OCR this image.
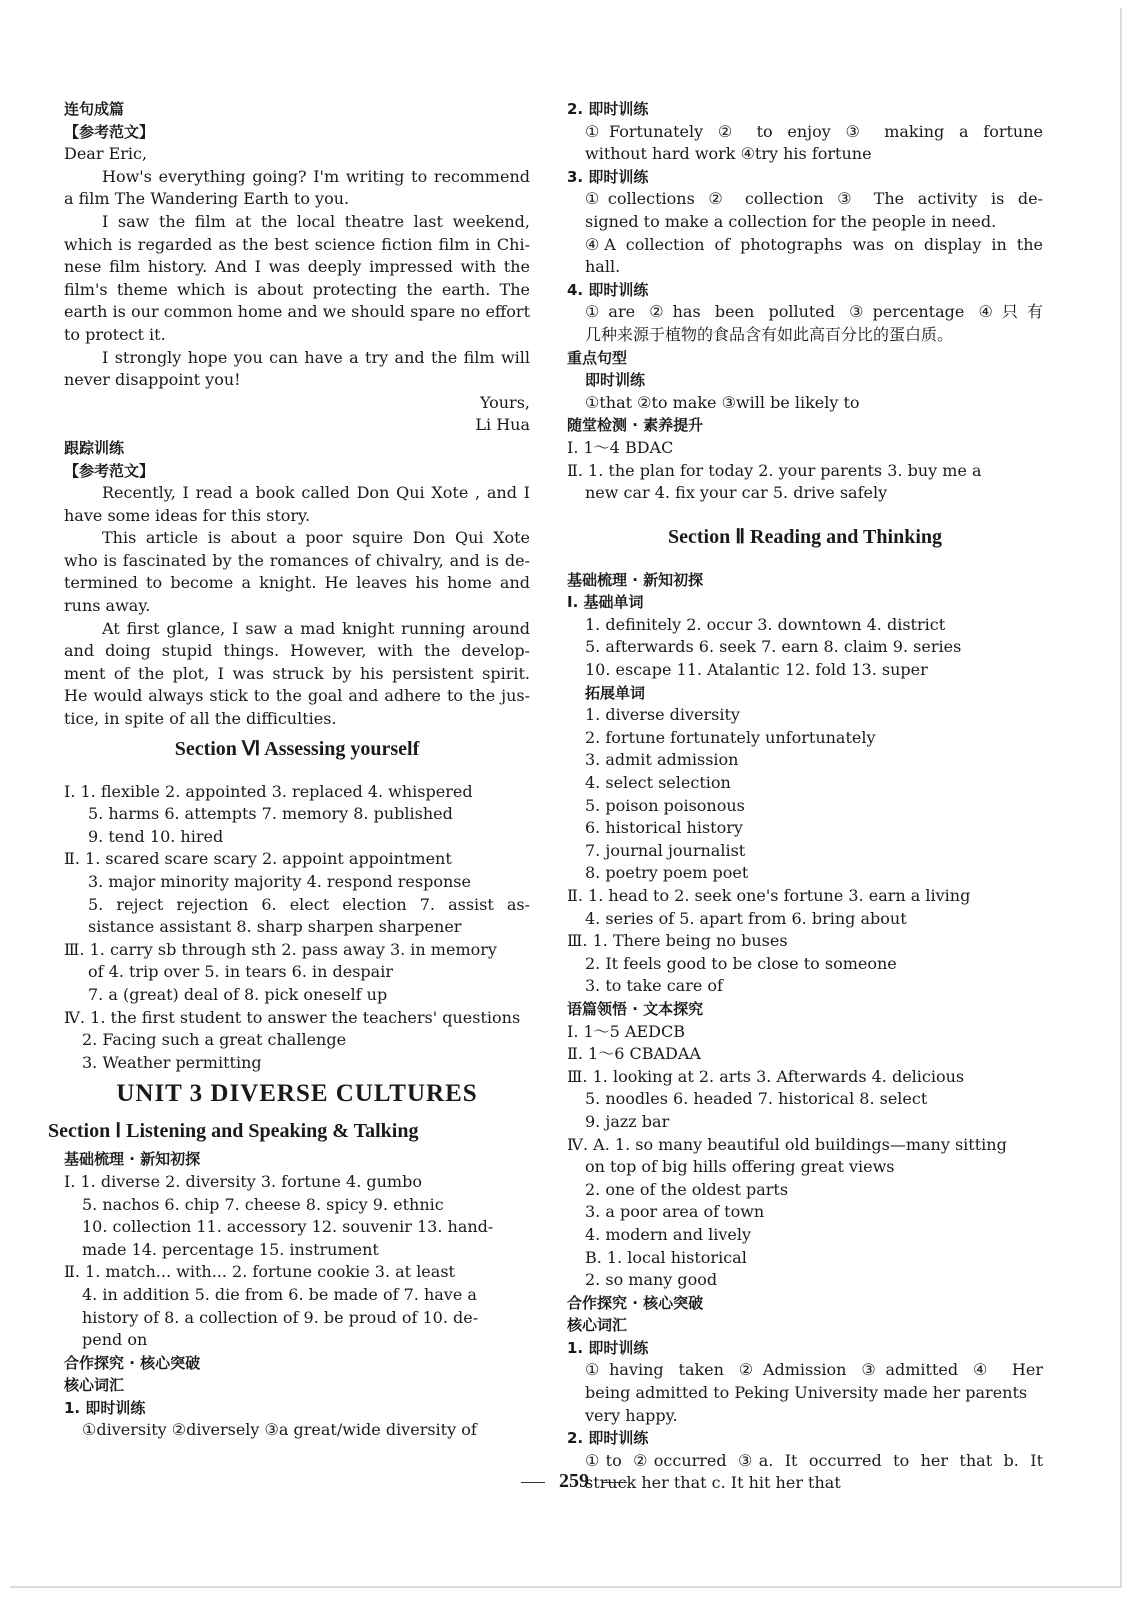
连句成篇
【参考范文】
Dear Eric,
How's everything going? I'm writing to recommend
a film The Wandering Earth to you.
I saw the film at the local theatre last weekend,
which is regarded as the best science fiction film in Chi-
nese film history. And I was deeply impressed with the
film's theme which is about protecting the earth. The
earth is our common home and we should spare no effort
to protect it.
I strongly hope you can have a try and the film will
never disappoint you!
Yours,
Li Hua
跟踪训练
【参考范文】
Recently, I read a book called Don Qui Xote , and I
have some ideas for this story.
This article is about a poor squire Don Qui Xote
who is fascinated by the romances of chivalry, and is de-
termined to become a knight. He leaves his home and
runs away.
At first glance, I saw a mad knight running around
and doing stupid things. However, with the develop-
ment of the plot, I was struck by his persistent spirit.
He would always stick to the goal and adhere to the jus-
tice, in spite of all the difficulties.
Section Ⅵ Assessing yourself
Ⅰ. 1. flexible 2. appointed 3. replaced 4. whispered
5. harms 6. attempts 7. memory 8. published
9. tend 10. hired
Ⅱ. 1. scared scare scary 2. appoint appointment
3. major minority majority 4. respond response
5. reject rejection 6. elect election 7. assist as-
sistance assistant 8. sharp sharpen sharpener
Ⅲ. 1. carry sb through sth 2. pass away 3. in memory
of 4. trip over 5. in tears 6. in despair
7. a (great) deal of 8. pick oneself up
Ⅳ. 1. the first student to answer the teachers' questions
2. Facing such a great challenge
3. Weather permitting
UNIT 3 DIVERSE CULTURES
Section Ⅰ Listening and Speaking & Talking
基础梳理 · 新知初探
Ⅰ. 1. diverse 2. diversity 3. fortune 4. gumbo
5. nachos 6. chip 7. cheese 8. spicy 9. ethnic
10. collection 11. accessory 12. souvenir 13. hand-
made 14. percentage 15. instrument
Ⅱ. 1. match... with... 2. fortune cookie 3. at least
4. in addition 5. die from 6. be made of 7. have a
history of 8. a collection of 9. be proud of 10. de-
pend on
合作探究 · 核心突破
核心词汇
1. 即时训练
①diversity ②diversely ③a great/wide diversity of
2. 即时训练
①Fortunately ② to enjoy ③ making a fortune
without hard work ④try his fortune
3. 即时训练
①collections ② collection ③ The activity is de-
signed to make a collection for the people in need.
④A collection of photographs was on display in the
hall.
4. 即时训练
①are ②has been polluted ③percentage ④只有
几种来源于植物的食品含有如此高百分比的蛋白质。
重点句型
即时训练
①that ②to make ③will be likely to
随堂检测 · 素养提升
Ⅰ. 1～4 BDAC
Ⅱ. 1. the plan for today 2. your parents 3. buy me a
new car 4. fix your car 5. drive safely
Section Ⅱ Reading and Thinking
基础梳理 · 新知初探
Ⅰ. 基础单词
1. definitely 2. occur 3. downtown 4. district
5. afterwards 6. seek 7. earn 8. claim 9. series
10. escape 11. Atalantic 12. fold 13. super
拓展单词
1. diverse diversity
2. fortune fortunately unfortunately
3. admit admission
4. select selection
5. poison poisonous
6. historical history
7. journal journalist
8. poetry poem poet
Ⅱ. 1. head to 2. seek one's fortune 3. earn a living
4. series of 5. apart from 6. bring about
Ⅲ. 1. There being no buses
2. It feels good to be close to someone
3. to take care of
语篇领悟 · 文本探究
Ⅰ. 1～5 AEDCB
Ⅱ. 1～6 CBADAA
Ⅲ. 1. looking at 2. arts 3. Afterwards 4. delicious
5. noodles 6. headed 7. historical 8. select
9. jazz bar
Ⅳ. A. 1. so many beautiful old buildings—many sitting
on top of big hills offering great views
2. one of the oldest parts
3. a poor area of town
4. modern and lively
B. 1. local historical
2. so many good
合作探究 · 核心突破
核心词汇
1. 即时训练
①having taken ②Admission ③admitted ④ Her
being admitted to Peking University made her parents
very happy.
2. 即时训练
①to ②occurred ③a. It occurred to her that b. It
struck her that c. It hit her that
259
